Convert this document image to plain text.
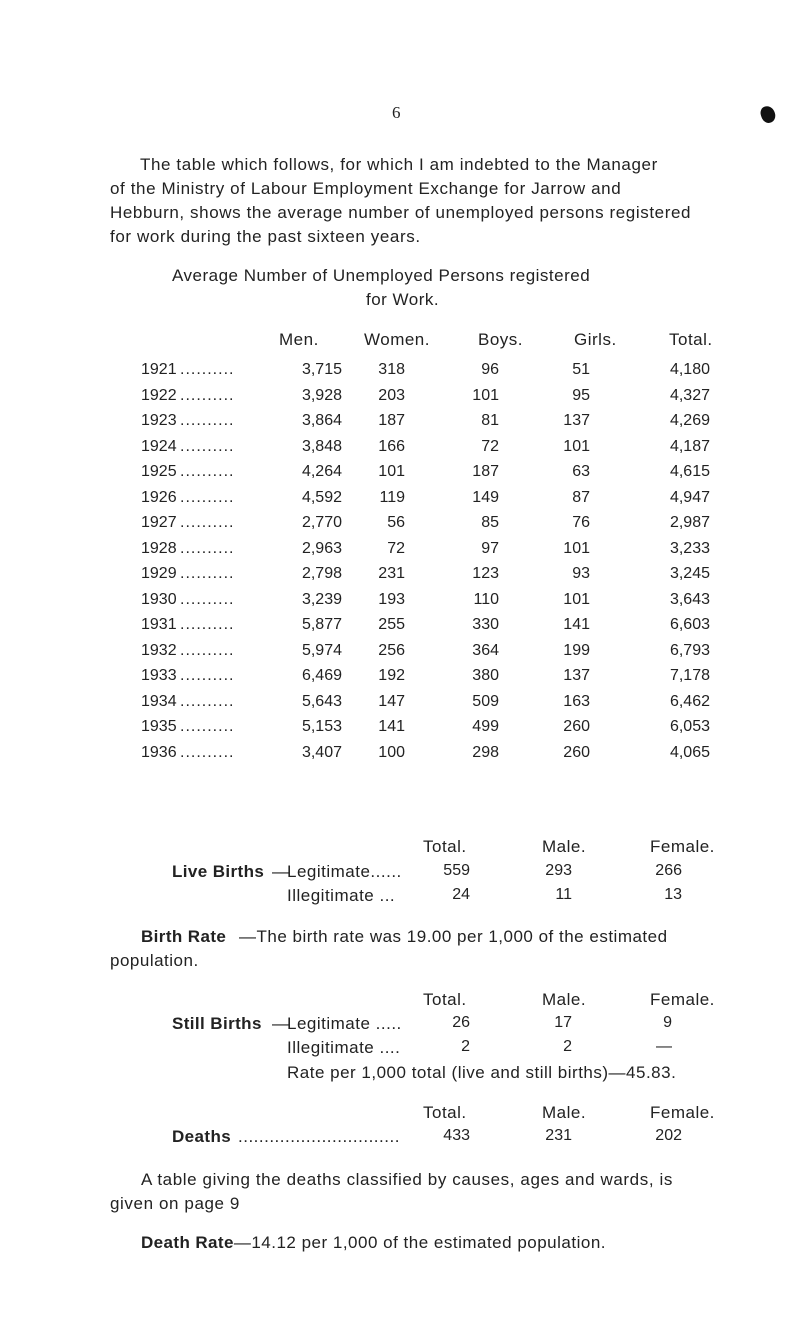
6
The table which follows, for which I am indebted to the Manager
of the Ministry of Labour Employment Exchange for Jarrow and
Hebburn, shows the average number of unemployed persons registered
for work during the past sixteen years.
Average Number of Unemployed Persons registered
for Work.
Men.	Women.	Boys.	Girls.	Total.
1921 ..........	3,715	318	96	51	4,180
1922 ..........	3,928	203	101	95	4,327
1923 ..........	3,864	187	81	137	4,269
1924 ..........	3,848	166	72	101	4,187
1925 ..........	4,264	101	187	63	4,615
1926 ..........	4,592	119	149	87	4,947
1927 ..........	2,770	56	85	76	2,987
1928 ..........	2,963	72	97	101	3,233
1929 ..........	2,798	231	123	93	3,245
1930 ..........	3,239	193	110	101	3,643
1931 ..........	5,877	255	330	141	6,603
1932 ..........	5,974	256	364	199	6,793
1933 ..........	6,469	192	380	137	7,178
1934 ..........	5,643	147	509	163	6,462
1935 ..........	5,153	141	499	260	6,053
1936 ..........	3,407	100	298	260	4,065
Total.	Male.	Female.
Live Births —
Legitimate......	559	293	266
Illegitimate ...	24	11	13
Birth Rate —The birth rate was 19.00 per 1,000 of the estimated
population.
Total.	Male.	Female.
Still Births —
Legitimate .....	26	17	9
Illegitimate ....	2	2	—
Rate per 1,000 total (live and still births)—45.83.
Total.	Male.	Female.
Deaths ...............................	433	231	202
A table giving the deaths classified by causes, ages and wards, is
given on page 9
Death Rate—14.12 per 1,000 of the estimated population.
